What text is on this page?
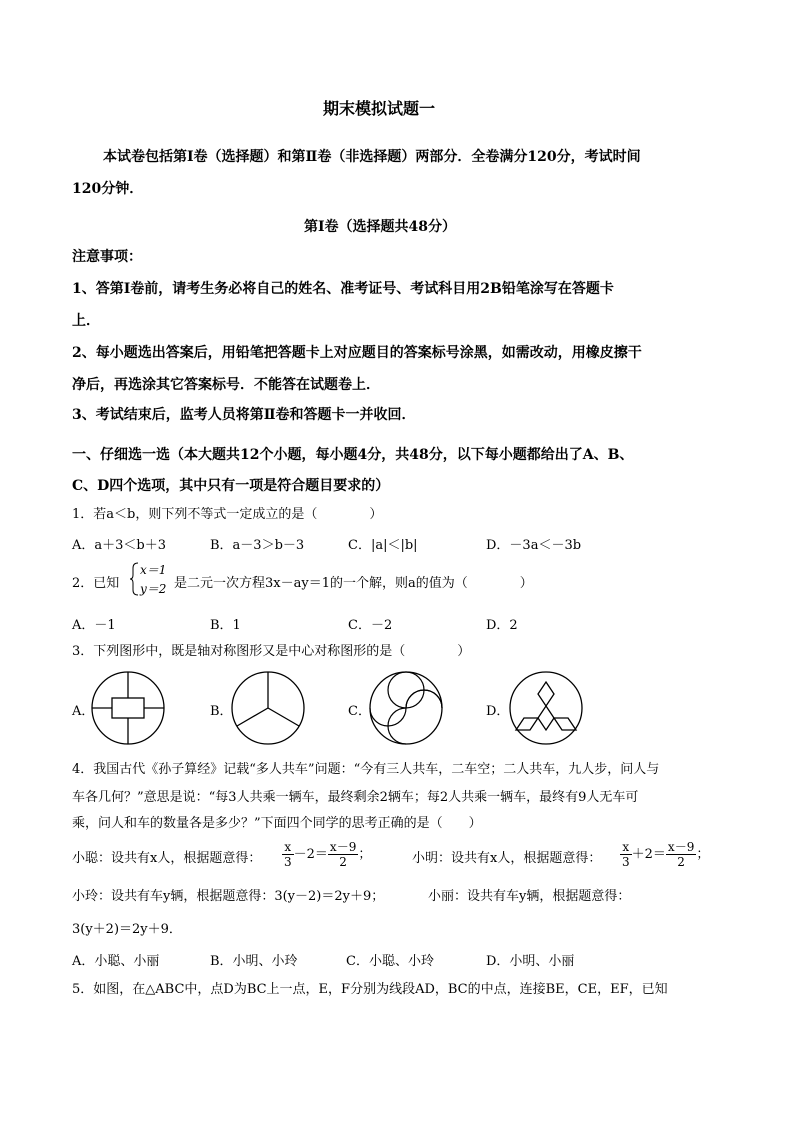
期末模拟试题一
本试卷包括第Ⅰ卷（选择题）和第Ⅱ卷（非选择题）两部分．全卷满分120分，考试时间
120分钟．
第Ⅰ卷（选择题共48分）
注意事项：
1、答第Ⅰ卷前，请考生务必将自己的姓名、准考证号、考试科目用2B铅笔涂写在答题卡
上．
2、每小题选出答案后，用铅笔把答题卡上对应题目的答案标号涂黑，如需改动，用橡皮擦干
净后，再选涂其它答案标号．不能答在试题卷上．
3、考试结束后，监考人员将第Ⅱ卷和答题卡一并收回．
一、仔细选一选（本大题共12个小题，每小题4分，共48分，以下每小题都给出了A、B、
C、D四个选项，其中只有一项是符合题目要求的）
1．若a＜b，则下列不等式一定成立的是（　　　　）
A．a＋3＜b＋3	B．a－3＞b－3	C．|a|＜|b|	D．－3a＜－3b
2．已知
x＝1
y＝2 是二元一次方程3x－ay＝1的一个解，则a的值为（　　　　）
A．－1	B．1	C．－2	D．2
3．下列图形中，既是轴对称图形又是中心对称图形的是（　　　　）
A．	B．	C．	D．
4．我国古代《孙子算经》记载“多人共车”问题：“今有三人共车，二车空；二人共车，九人步，问人与
车各几何？”意思是说：“每3人共乘一辆车，最终剩余2辆车；每2人共乘一辆车，最终有9人无车可
乘，问人和车的数量各是多少？”下面四个同学的思考正确的是（　　）
小聪：设共有x人，根据题意得： $\frac{x}{3} -2= \frac{x-9}{2}$ ；	小明：设共有x人，根据题意得： $\frac{x}{3} +2= \frac{x-9}{2}$ ；
小玲：设共有车y辆，根据题意得：3(y－2)＝2y＋9；	小丽：设共有车y辆，根据题意得：
3(y＋2)＝2y＋9．
A．小聪、小丽	B．小明、小玲	C．小聪、小玲	D．小明、小丽
5．如图，在△ABC中，点D为BC上一点，E，F分别为线段AD，BC的中点，连接BE，CE，EF，已知
